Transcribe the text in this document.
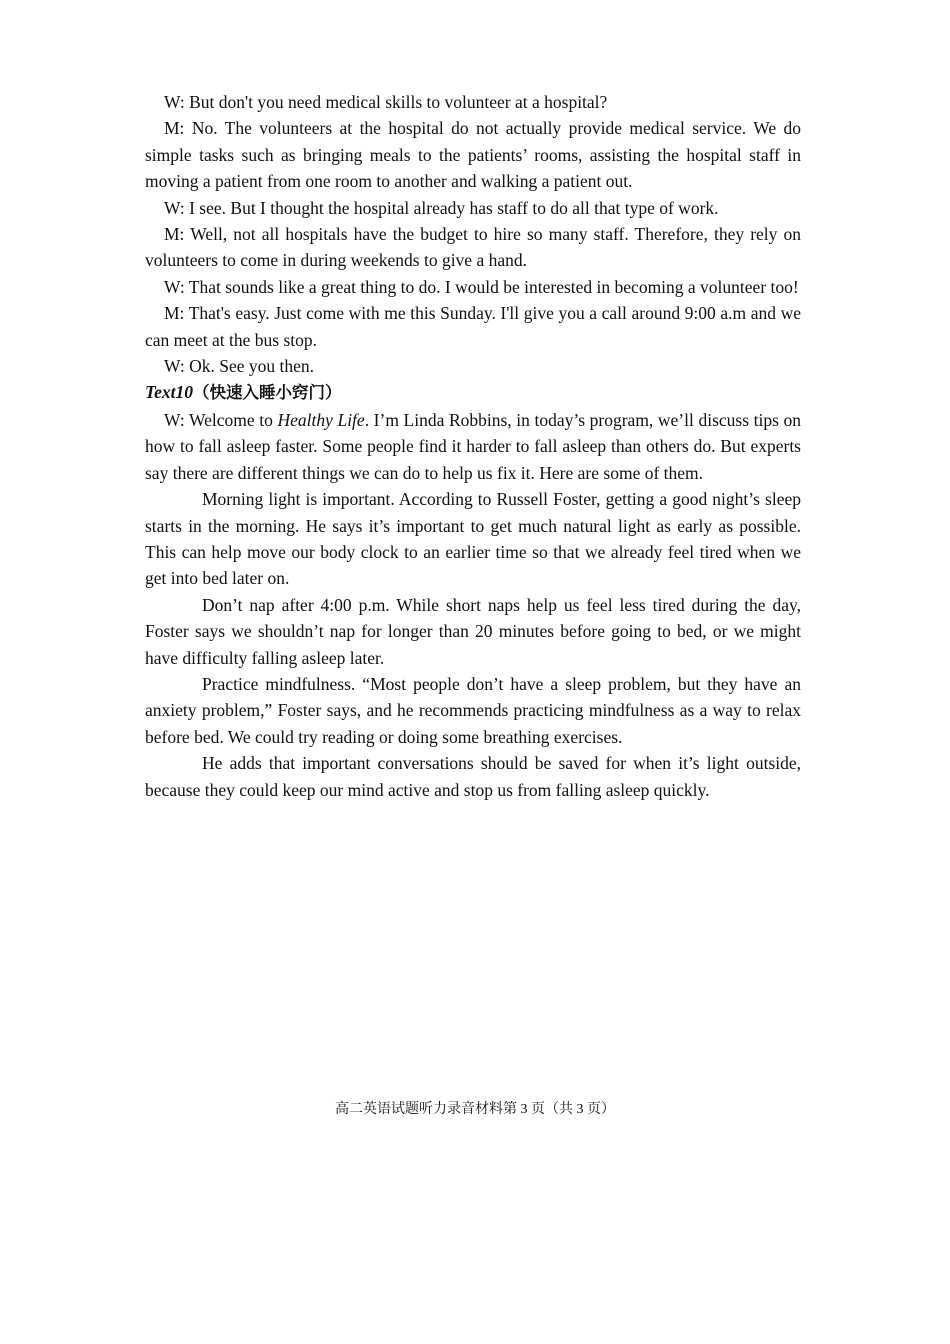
W: But don't you need medical skills to volunteer at a hospital?

M: No. The volunteers at the hospital do not actually provide medical service. We do simple tasks such as bringing meals to the patients’ rooms, assisting the hospital staff in moving a patient from one room to another and walking a patient out.

W: I see. But I thought the hospital already has staff to do all that type of work.

M: Well, not all hospitals have the budget to hire so many staff. Therefore, they rely on volunteers to come in during weekends to give a hand.

W: That sounds like a great thing to do. I would be interested in becoming a volunteer too!

M: That's easy. Just come with me this Sunday. I'll give you a call around 9:00 a.m and we can meet at the bus stop.

W: Ok. See you then.

Text10（快速入睡小窍门）

W: Welcome to Healthy Life. I’m Linda Robbins, in today’s program, we’ll discuss tips on how to fall asleep faster. Some people find it harder to fall asleep than others do. But experts say there are different things we can do to help us fix it. Here are some of them.

Morning light is important. According to Russell Foster, getting a good night’s sleep starts in the morning. He says it’s important to get much natural light as early as possible. This can help move our body clock to an earlier time so that we already feel tired when we get into bed later on.

Don’t nap after 4:00 p.m. While short naps help us feel less tired during the day, Foster says we shouldn’t nap for longer than 20 minutes before going to bed, or we might have difficulty falling asleep later.

Practice mindfulness. “Most people don’t have a sleep problem, but they have an anxiety problem,” Foster says, and he recommends practicing mindfulness as a way to relax before bed. We could try reading or doing some breathing exercises.

He adds that important conversations should be saved for when it’s light outside, because they could keep our mind active and stop us from falling asleep quickly.

高二英语试题听力录音材料第 3 页（共 3 页）
